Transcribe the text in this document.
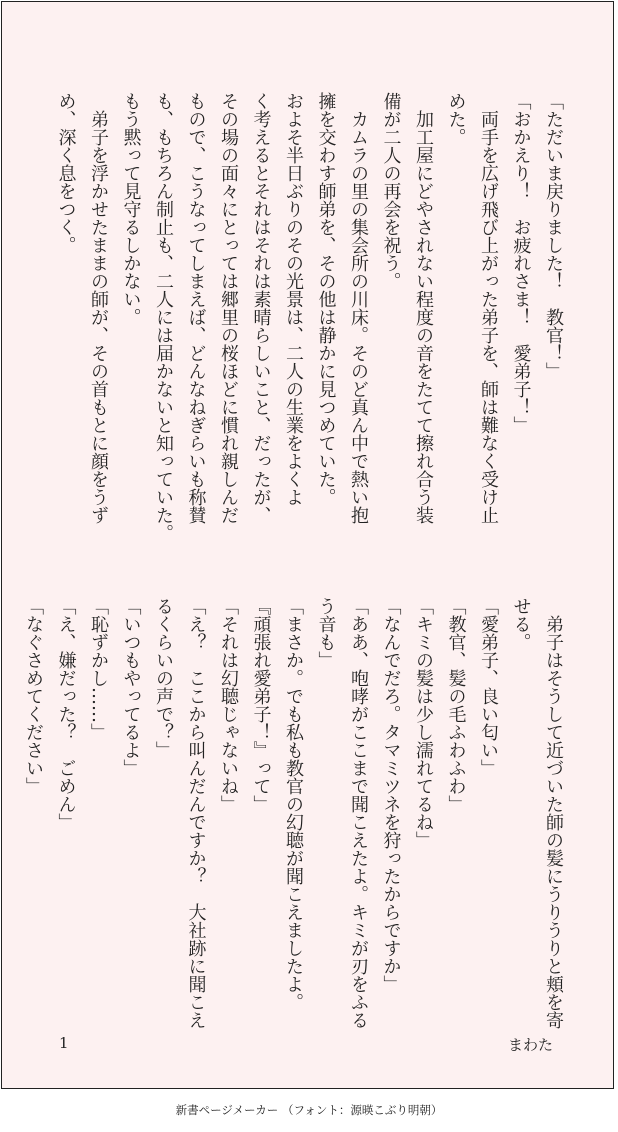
「ただいま戻りました！　教官！」
「おかえり！　お疲れさま！　愛弟子！」
　両手を広げ飛び上がった弟子を、師は難なく受け止
めた。
　加工屋にどやされない程度の音をたてて擦れ合う装
備が二人の再会を祝う。
　カムラの里の集会所の川床。そのど真ん中で熱い抱
擁を交わす師弟を、その他は静かに見つめていた。
およそ半日ぶりのその光景は、二人の生業をよくよ
く考えるとそれはそれは素晴らしいこと、だったが、
その場の面々にとっては郷里の桜ほどに慣れ親しんだ
もので、こうなってしまえば、どんなねぎらいも称賛
も、もちろん制止も、二人には届かないと知っていた。
もう黙って見守るしかない。
　弟子を浮かせたままの師が、その首もとに顔をうず
め、深く息をつく。
　弟子はそうして近づいた師の髪にうりうりと頬を寄
せる。
「愛弟子、良い匂い」
「教官、髪の毛ふわふわ」
「キミの髪は少し濡れてるね」
「なんでだろ。タマミツネを狩ったからですか」
「ああ、咆哮がここまで聞こえたよ。キミが刃をふる
う音も」
「まさか。でも私も教官の幻聴が聞こえましたよ。
『頑張れ愛弟子！』って」
「それは幻聴じゃないね」
「え？　ここから叫んだんですか？　大社跡に聞こえ
るくらいの声で？」
「いつもやってるよ」
「恥ずかし……」
「え、嫌だった？　ごめん」
「なぐさめてください」
1	まわた
新書ページメーカー （フォント：源暎こぶり明朝）
